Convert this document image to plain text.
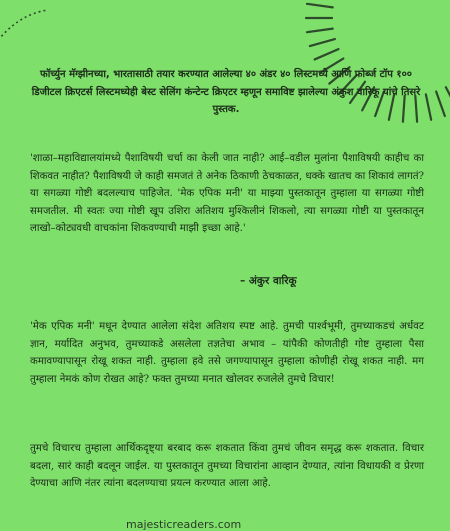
फॉर्च्युन मॅग्झीनच्या, भारतासाठी तयार करण्यात आलेल्या ४० अंडर ४० लिस्टमध्ये आणि फोर्ब्ज टॉप १०० डिजीटल क्रिएटर्स लिस्टमध्येही बेस्ट सेलिंग कंन्टेन्ट क्रिएटर म्हणून समाविष्ट झालेल्या अंकुश वारिकू यांचे तिसरे पुस्तक.

'शाळा–महाविद्यालयांमध्ये पैशाविषयी चर्चा का केली जात नाही? आई–वडील मुलांना पैशाविषयी काहीच का शिकवत नाहीत? पैशाविषयी जे काही समजतं ते अनेक ठिकाणी ठेचकाळत, धक्के खातच का शिकावं लागतं? या सगळ्या गोष्टी बदलल्याच पाहिजेत. 'मेक एपिक मनी' या माझ्या पुस्तकातून तुम्हाला या सगळ्या गोष्टी समजतील. मी स्वतः ज्या गोष्टी खूप उशिरा अतिशय मुश्किलीनं शिकलो, त्या सगळ्या गोष्टी या पुस्तकातून लाखो–कोट्यवधी वाचकांना शिकवण्याची माझी इच्छा आहे.'

– अंकुर वारिकू

'मेक एपिक मनी' मधून देण्यात आलेला संदेश अतिशय स्पष्ट आहे. तुमची पार्श्वभूमी, तुमच्याकडचं अर्धवट ज्ञान, मर्यादित अनुभव, तुमच्याकडे असलेला तज्ञतेचा अभाव – यांपैकी कोणतीही गोष्ट तुम्हाला पैसा कमावण्यापासून रोखू शकत नाही. तुम्हाला हवे तसे जगण्यापासून तुम्हाला कोणीही रोखू शकत नाही. मग तुम्हाला नेमकं कोण रोखत आहे? फक्त तुमच्या मनात खोलवर रुजलेले तुमचे विचार!

तुमचे विचारच तुम्हाला आर्थिकदृष्ट्या बरबाद करू शकतात किंवा तुमचं जीवन समृद्ध करू शकतात. विचार बदला, सारं काही बदलून जाईल. या पुस्तकातून तुमच्या विचारांना आव्हान देण्यात, त्यांना विधायकी व प्रेरणा देण्याचा आणि नंतर त्यांना बदलण्याचा प्रयत्न करण्यात आला आहे.

majesticreaders.com
